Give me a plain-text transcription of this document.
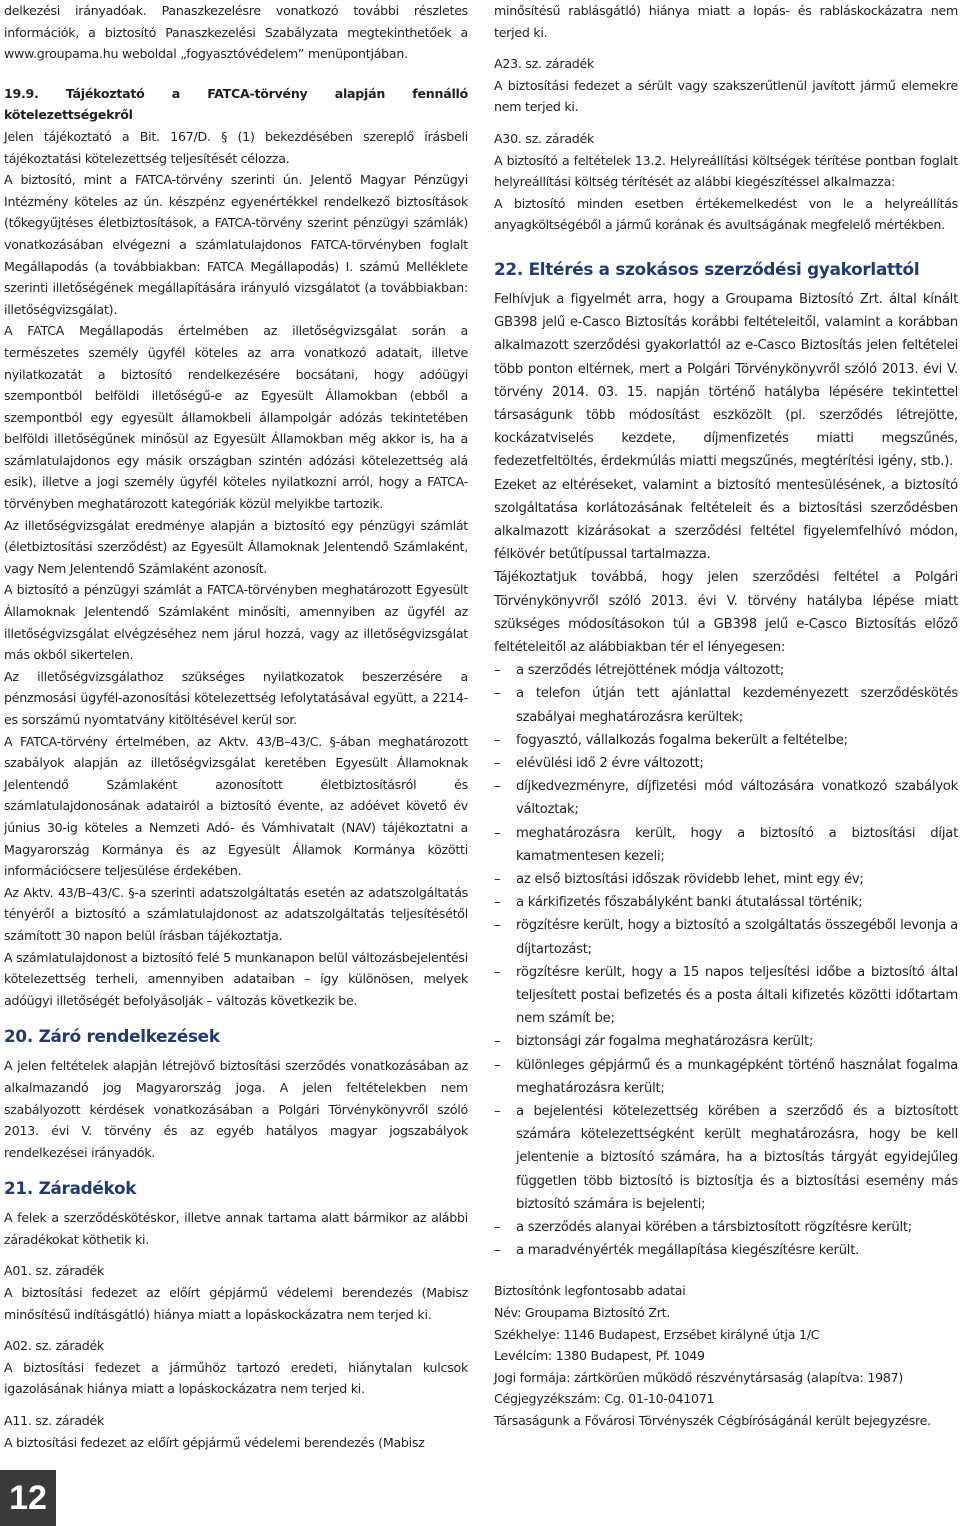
delkezési irányadóak. Panaszkezelésre vonatkozó további részletes információk, a biztosító Panaszkezelési Szabályzata megtekinthetőek a www.groupama.hu weboldal „fogyasztóvédelem” menüpontjában.

19.9. Tájékoztató a FATCA-törvény alapján fennálló kötelezettségekről

Jelen tájékoztató a Bit. 167/D. § (1) bekezdésében szereplő írásbeli tájékoztatási kötelezettség teljesítését célozza.

A biztosító, mint a FATCA-törvény szerinti ún. Jelentő Magyar Pénzügyi Intézmény köteles az ún. készpénz egyenértékkel rendelkező biztosítások (tőkegyűjtéses életbiztosítások, a FATCA-törvény szerint pénzügyi számlák) vonatkozásában elvégezni a számlatulajdonos FATCA-törvényben foglalt Megállapodás (a továbbiakban: FATCA Megállapodás) I. számú Melléklete szerinti illetőségének megállapítására irányuló vizsgálatot (a továbbiakban: illetőségvizsgálat).

A FATCA Megállapodás értelmében az illetőségvizsgálat során a természetes személy ügyfél köteles az arra vonatkozó adatait, illetve nyilatkozatát a biztosító rendelkezésére bocsátani, hogy adóügyi szempontból belföldi illetőségű-e az Egyesült Államokban (ebből a szempontból egy egyesült államokbeli állampolgár adózás tekintetében belföldi illetőségűnek minősül az Egyesült Államokban még akkor is, ha a számlatulajdonos egy másik országban szintén adózási kötelezettség alá esik), illetve a jogi személy ügyfél köteles nyilatkozni arról, hogy a FATCA-törvényben meghatározott kategóriák közül melyikbe tartozik.

Az illetőségvizsgálat eredménye alapján a biztosító egy pénzügyi számlát (életbiztosítási szerződést) az Egyesült Államoknak Jelentendő Számlaként, vagy Nem Jelentendő Számlaként azonosít.

A biztosító a pénzügyi számlát a FATCA-törvényben meghatározott Egyesült Államoknak Jelentendő Számlaként minősíti, amennyiben az ügyfél az illetőségvizsgálat elvégzéséhez nem járul hozzá, vagy az illetőségvizsgálat más okból sikertelen.

Az illetőségvizsgálathoz szükséges nyilatkozatok beszerzésére a pénzmosási ügyfél-azonosítási kötelezettség lefolytatásával együtt, a 2214-es sorszámú nyomtatvány kitöltésével kerül sor.

A FATCA-törvény értelmében, az Aktv. 43/B–43/C. §-ában meghatározott szabályok alapján az illetőségvizsgálat keretében Egyesült Államoknak Jelentendő Számlaként azonosított életbiztosításról és számlatulajdonosának adatairól a biztosító évente, az adóévet követő év június 30-ig köteles a Nemzeti Adó- és Vámhivatalt (NAV) tájékoztatni a Magyarország Kormánya és az Egyesült Államok Kormánya közötti információcsere teljesülése érdekében.

Az Aktv. 43/B–43/C. §-a szerinti adatszolgáltatás esetén az adatszolgáltatás tényéről a biztosító a számlatulajdonost az adatszolgáltatás teljesítésétől számított 30 napon belül írásban tájékoztatja.

A számlatulajdonost a biztosító felé 5 munkanapon belül változásbejelentési kötelezettség terheli, amennyiben adataiban – így különösen, melyek adóügyi illetőségét befolyásolják – változás következik be.

20. Záró rendelkezések

A jelen feltételek alapján létrejövő biztosítási szerződés vonatkozásában az alkalmazandó jog Magyarország joga. A jelen feltételekben nem szabályozott kérdések vonatkozásában a Polgári Törvénykönyvről szóló 2013. évi V. törvény és az egyéb hatályos magyar jogszabályok rendelkezései irányadók.

21. Záradékok

A felek a szerződéskötéskor, illetve annak tartama alatt bármikor az alábbi záradékokat köthetik ki.

A01. sz. záradék

A biztosítási fedezet az előírt gépjármű védelemi berendezés (Mabisz minősítésű indításgátló) hiánya miatt a lopáskockázatra nem terjed ki.

A02. sz. záradék

A biztosítási fedezet a járműhöz tartozó eredeti, hiánytalan kulcsok igazolásának hiánya miatt a lopáskockázatra nem terjed ki.

A11. sz. záradék

A biztosítási fedezet az előírt gépjármű védelemi berendezés (Mabisz

minősítésű rablásgátló) hiánya miatt a lopás- és rabláskockázatra nem terjed ki.

A23. sz. záradék

A biztosítási fedezet a sérült vagy szakszerűtlenül javított jármű elemekre nem terjed ki.

A30. sz. záradék

A biztosító a feltételek 13.2. Helyreállítási költségek térítése pontban foglalt helyreállítási költség térítését az alábbi kiegészítéssel alkalmazza:

A biztosító minden esetben értékemelkedést von le a helyreállítás anyagköltségéből a jármű korának és avultságának megfelelő mértékben.

22. Eltérés a szokásos szerződési gyakorlattól

Felhívjuk a figyelmét arra, hogy a Groupama Biztosító Zrt. által kínált GB398 jelű e-Casco Biztosítás korábbi feltételeitől, valamint a korábban alkalmazott szerződési gyakorlattól az e-Casco Biztosítás jelen feltételei több ponton eltérnek, mert a Polgári Törvénykönyvről szóló 2013. évi V. törvény 2014. 03. 15. napján történő hatályba lépésére tekintettel társaságunk több módosítást eszközölt (pl. szerződés létrejötte, kockázatviselés kezdete, díjmenfizetés miatti megszűnés, fedezetfeltöltés, érdekmúlás miatti megszűnés, megtérítési igény, stb.).

Ezeket az eltéréseket, valamint a biztosító mentesülésének, a biztosító szolgáltatása korlátozásának feltételeit és a biztosítási szerződésben alkalmazott kizárásokat a szerződési feltétel figyelemfelhívó módon, félkövér betűtípussal tartalmazza.

Tájékoztatjuk továbbá, hogy jelen szerződési feltétel a Polgári Törvénykönyvről szóló 2013. évi V. törvény hatályba lépése miatt szükséges módosításokon túl a GB398 jelű e-Casco Biztosítás előző feltételeitől az alábbiakban tér el lényegesen:

– a szerződés létrejöttének módja változott;
– a telefon útján tett ajánlattal kezdeményezett szerződéskötés szabályai meghatározásra kerültek;
– fogyasztó, vállalkozás fogalma bekerült a feltételbe;
– elévülési idő 2 évre változott;
– díjkedvezményre, díjfizetési mód változására vonatkozó szabályok változtak;
– meghatározásra került, hogy a biztosító a biztosítási díjat kamatmentesen kezeli;
– az első biztosítási időszak rövidebb lehet, mint egy év;
– a kárkifizetés főszabályként banki átutalással történik;
– rögzítésre került, hogy a biztosító a szolgáltatás összegéből levonja a díjtartozást;
– rögzítésre került, hogy a 15 napos teljesítési időbe a biztosító által teljesített postai befizetés és a posta általi kifizetés közötti időtartam nem számít be;
– biztonsági zár fogalma meghatározásra került;
– különleges gépjármű és a munkagépként történő használat fogalma meghatározásra került;
– a bejelentési kötelezettség körében a szerződő és a biztosított számára kötelezettségként került meghatározásra, hogy be kell jelentenie a biztosító számára, ha a biztosítás tárgyát egyidejűleg független több biztosító is biztosítja és a biztosítási esemény más biztosító számára is bejelenti;
– a szerződés alanyai körében a társbiztosított rögzítésre került;
– a maradvényérték megállapítása kiegészítésre került.

Biztosítónk legfontosabb adatai

Név: Groupama Biztosító Zrt.

Székhelye: 1146 Budapest, Erzsébet királyné útja 1/C

Levélcím: 1380 Budapest, Pf. 1049

Jogi formája: zártkörűen működő részvénytársaság (alapítva: 1987)

Cégjegyzékszám: Cg. 01-10-041071

Társaságunk a Fővárosi Törvényszék Cégbíróságánál került bejegyzésre.

12
